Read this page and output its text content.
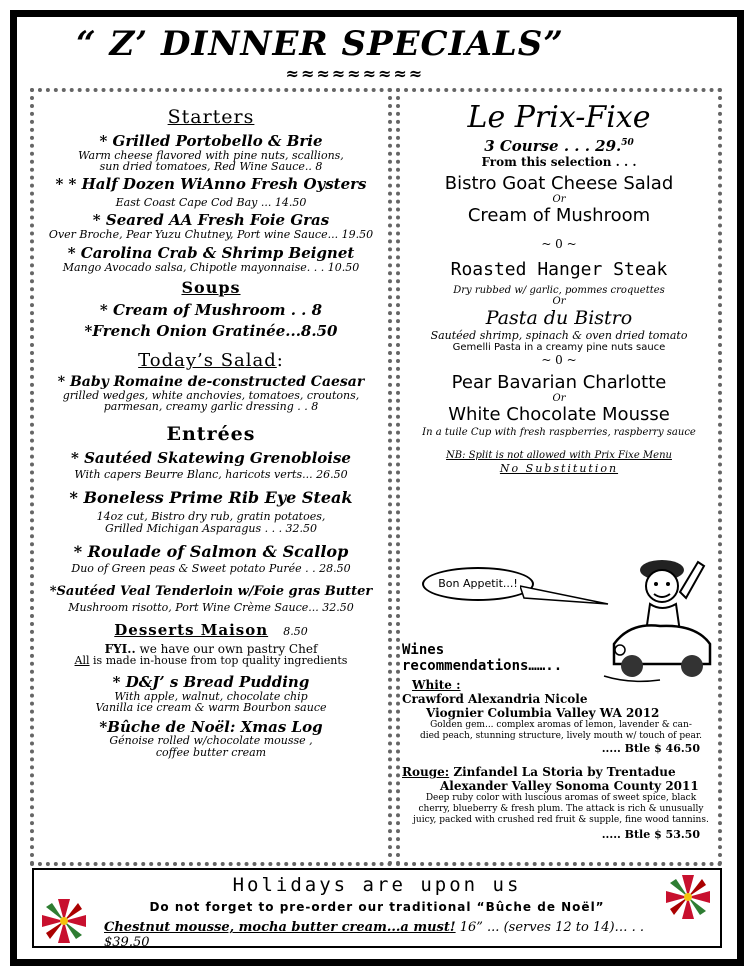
“ Z’ DINNER SPECIALS”
≈≈≈≈≈≈≈≈≈
Starters
* Grilled Portobello & Brie
Warm cheese flavored with pine nuts, scallions,
sun dried tomatoes, Red Wine Sauce.. 8
* * Half Dozen WiAnno Fresh Oysters
East Coast Cape Cod Bay ... 14.50
* Seared AA Fresh Foie Gras
Over Broche, Pear Yuzu Chutney, Port wine Sauce... 19.50
* Carolina Crab & Shrimp Beignet
Mango Avocado salsa, Chipotle mayonnaise. . . 10.50
Soups
* Cream of Mushroom . . 8
*French Onion Gratinée...8.50
Today’s Salad:
* Baby Romaine de-constructed Caesar
grilled wedges, white anchovies, tomatoes, croutons,
parmesan, creamy garlic dressing . . 8
Entrées
* Sautéed Skatewing Grenobloise
With capers Beurre Blanc, haricots verts... 26.50
* Boneless Prime Rib Eye Steak
14oz cut, Bistro dry rub, gratin potatoes,
Grilled Michigan Asparagus . . . 32.50
* Roulade of Salmon & Scallop
Duo of Green peas & Sweet potato Purée . . 28.50
*Sautéed Veal Tenderloin w/Foie gras Butter
Mushroom risotto, Port Wine Crème Sauce... 32.50
Desserts Maison 8.50
FYI.. we have our own pastry Chef
All is made in-house from top quality ingredients
* D&J’ s Bread Pudding
With apple, walnut, chocolate chip
Vanilla ice cream & warm Bourbon sauce
*Bûche de Noël: Xmas Log
Génoise rolled w/chocolate mousse ,
coffee butter cream
Le Prix-Fixe
3 Course . . . 29.50
From this selection . . .
Bistro Goat Cheese Salad
Or
Cream of Mushroom
~ 0 ~
Roasted Hanger Steak
Dry rubbed w/ garlic, pommes croquettes
Or
Pasta du Bistro
Sautéed shrimp, spinach & oven dried tomato
Gemelli Pasta in a creamy pine nuts sauce
~ 0 ~
Pear Bavarian Charlotte
Or
White Chocolate Mousse
In a tuile Cup with fresh raspberries, raspberry sauce
NB: Split is not allowed with Prix Fixe Menu
No Substitution
Bon Appetit...!
Wines
recommendations……..
White :
Crawford Alexandria Nicole
Viognier Columbia Valley WA 2012
Golden gem... complex aromas of lemon, lavender & can-
died peach, stunning structure, lively mouth w/ touch of pear.
..... Btle $ 46.50
Rouge: Zinfandel La Storia by Trentadue
Alexander Valley Sonoma County 2011
Deep ruby color with luscious aromas of sweet spice, black
cherry, blueberry & fresh plum. The attack is rich & unusually
juicy, packed with crushed red fruit & supple, fine wood tannins.
..... Btle $ 53.50
Holidays are upon us
Do not forget to pre-order our traditional “Bûche de Noël”
Chestnut mousse, mocha butter cream...a must! 16” ... (serves 12 to 14)… . . $39.50
